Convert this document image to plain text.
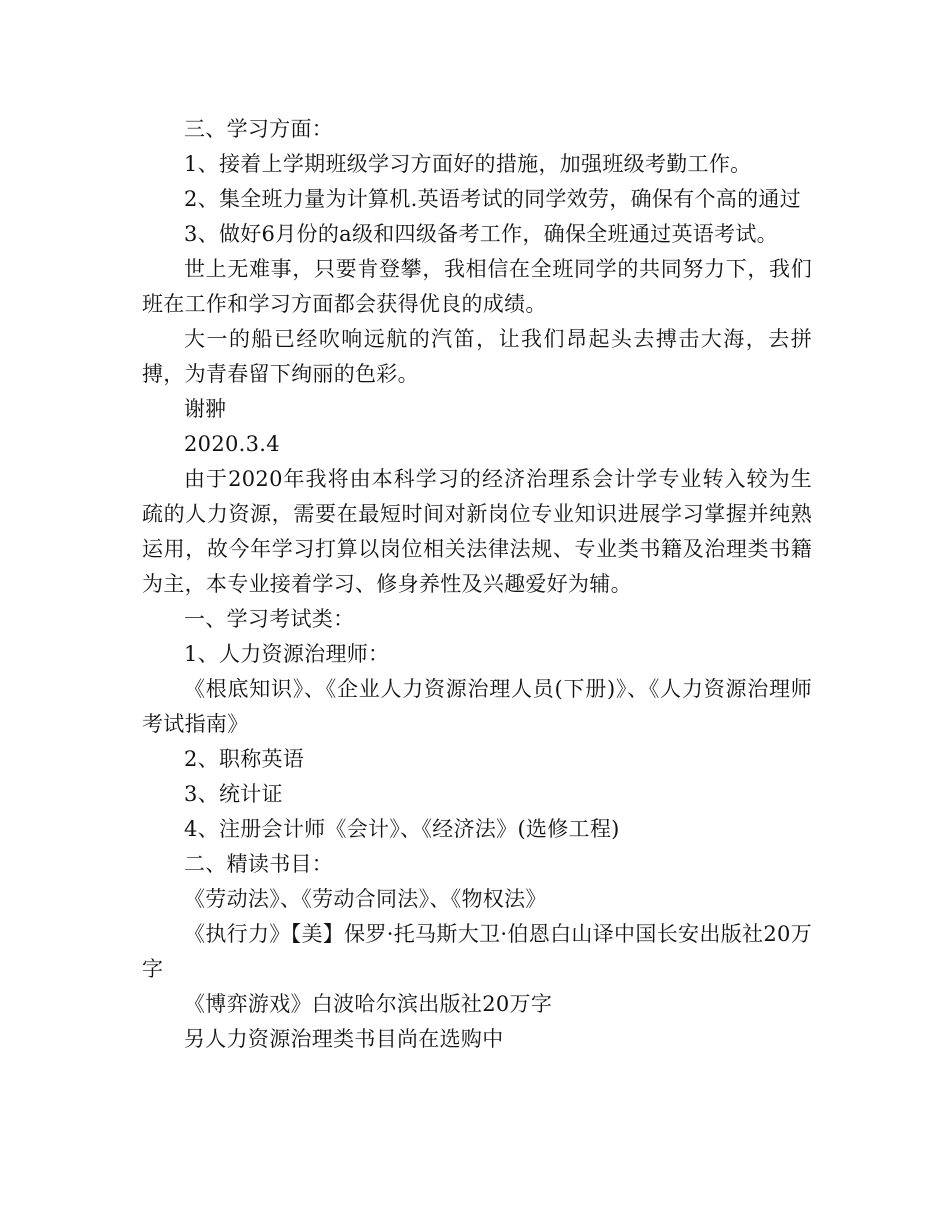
三、学习方面：

1、接着上学期班级学习方面好的措施，加强班级考勤工作。

2、集全班力量为计算机.英语考试的同学效劳，确保有个高的通过

3、做好6月份的a级和四级备考工作，确保全班通过英语考试。

世上无难事，只要肯登攀，我相信在全班同学的共同努力下，我们班在工作和学习方面都会获得优良的成绩。

大一的船已经吹响远航的汽笛，让我们昂起头去搏击大海，去拼搏，为青春留下绚丽的色彩。

谢翀

2020.3.4

由于2020年我将由本科学习的经济治理系会计学专业转入较为生疏的人力资源，需要在最短时间对新岗位专业知识进展学习掌握并纯熟运用，故今年学习打算以岗位相关法律法规、专业类书籍及治理类书籍为主，本专业接着学习、修身养性及兴趣爱好为辅。

一、学习考试类：

1、人力资源治理师：

《根底知识》、《企业人力资源治理人员(下册)》、《人力资源治理师考试指南》

2、职称英语

3、统计证

4、注册会计师《会计》、《经济法》(选修工程)

二、精读书目：

《劳动法》、《劳动合同法》、《物权法》

《执行力》【美】保罗·托马斯大卫·伯恩白山译中国长安出版社20万字

《博弈游戏》白波哈尔滨出版社20万字

另人力资源治理类书目尚在选购中
